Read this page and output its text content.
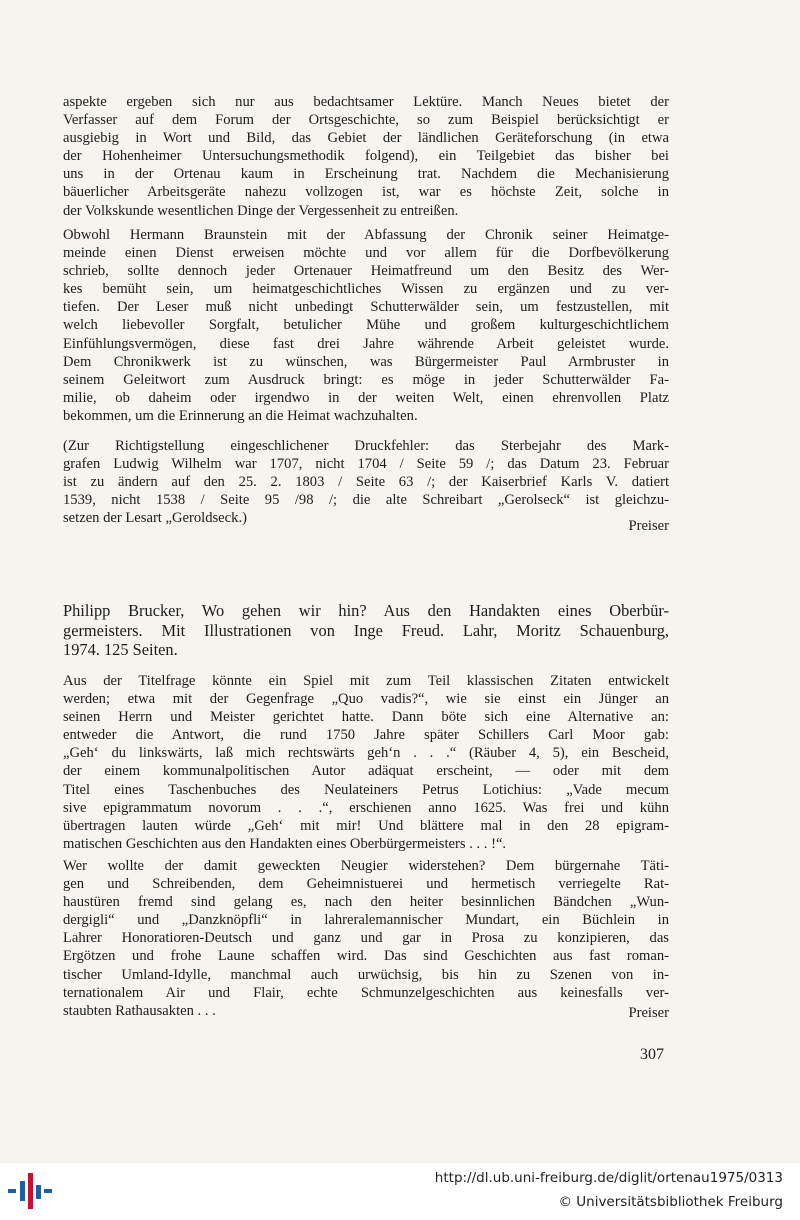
aspekte ergeben sich nur aus bedachtsamer Lektüre. Manch Neues bietet der
Verfasser auf dem Forum der Ortsgeschichte, so zum Beispiel berücksichtigt er
ausgiebig in Wort und Bild, das Gebiet der ländlichen Geräteforschung (in etwa
der Hohenheimer Untersuchungsmethodik folgend), ein Teilgebiet das bisher bei
uns in der Ortenau kaum in Erscheinung trat. Nachdem die Mechanisierung
bäuerlicher Arbeitsgeräte nahezu vollzogen ist, war es höchste Zeit, solche in
der Volkskunde wesentlichen Dinge der Vergessenheit zu entreißen.

Obwohl Hermann Braunstein mit der Abfassung der Chronik seiner Heimatge-
meinde einen Dienst erweisen möchte und vor allem für die Dorfbevölkerung
schrieb, sollte dennoch jeder Ortenauer Heimatfreund um den Besitz des Wer-
kes bemüht sein, um heimatgeschichtliches Wissen zu ergänzen und zu ver-
tiefen. Der Leser muß nicht unbedingt Schutterwälder sein, um festzustellen, mit
welch liebevoller Sorgfalt, betulicher Mühe und großem kulturgeschichtlichem
Einfühlungsvermögen, diese fast drei Jahre währende Arbeit geleistet wurde.
Dem Chronikwerk ist zu wünschen, was Bürgermeister Paul Armbruster in
seinem Geleitwort zum Ausdruck bringt: es möge in jeder Schutterwälder Fa-
milie, ob daheim oder irgendwo in der weiten Welt, einen ehrenvollen Platz
bekommen, um die Erinnerung an die Heimat wachzuhalten.

(Zur Richtigstellung eingeschlichener Druckfehler: das Sterbejahr des Mark-
grafen Ludwig Wilhelm war 1707, nicht 1704 / Seite 59 /; das Datum 23. Februar
ist zu ändern auf den 25. 2. 1803 / Seite 63 /; der Kaiserbrief Karls V. datiert
1539, nicht 1538 / Seite 95 /98 /; die alte Schreibart „Gerolseck“ ist gleichzu-
setzen der Lesart „Geroldseck.)	Preiser

Philipp Brucker, Wo gehen wir hin? Aus den Handakten eines Oberbür-
germeisters. Mit Illustrationen von Inge Freud. Lahr, Moritz Schauenburg,
1974. 125 Seiten.

Aus der Titelfrage könnte ein Spiel mit zum Teil klassischen Zitaten entwickelt
werden; etwa mit der Gegenfrage „Quo vadis?“, wie sie einst ein Jünger an
seinen Herrn und Meister gerichtet hatte. Dann böte sich eine Alternative an:
entweder die Antwort, die rund 1750 Jahre später Schillers Carl Moor gab:
„Geh‘ du linkswärts, laß mich rechtswärts geh‘n . . .“ (Räuber 4, 5), ein Bescheid,
der einem kommunalpolitischen Autor adäquat erscheint, — oder mit dem
Titel eines Taschenbuches des Neulateiners Petrus Lotichius: „Vade mecum
sive epigrammatum novorum . . .“, erschienen anno 1625. Was frei und kühn
übertragen lauten würde „Geh‘ mit mir! Und blättere mal in den 28 epigram-
matischen Geschichten aus den Handakten eines Oberbürgermeisters . . . !“.

Wer wollte der damit geweckten Neugier widerstehen? Dem bürgernahe Täti-
gen und Schreibenden, dem Geheimnistuerei und hermetisch verriegelte Rat-
haustüren fremd sind gelang es, nach den heiter besinnlichen Bändchen „Wun-
dergigli“ und „Danzknöpfli“ in lahreralemannischer Mundart, ein Büchlein in
Lahrer Honoratioren-Deutsch und ganz und gar in Prosa zu konzipieren, das
Ergötzen und frohe Laune schaffen wird. Das sind Geschichten aus fast roman-
tischer Umland-Idylle, manchmal auch urwüchsig, bis hin zu Szenen von in-
ternationalem Air und Flair, echte Schmunzelgeschichten aus keinesfalls ver-
staubten Rathausakten . . .	Preiser
307
http://dl.ub.uni-freiburg.de/diglit/ortenau1975/0313
© Universitätsbibliothek Freiburg
